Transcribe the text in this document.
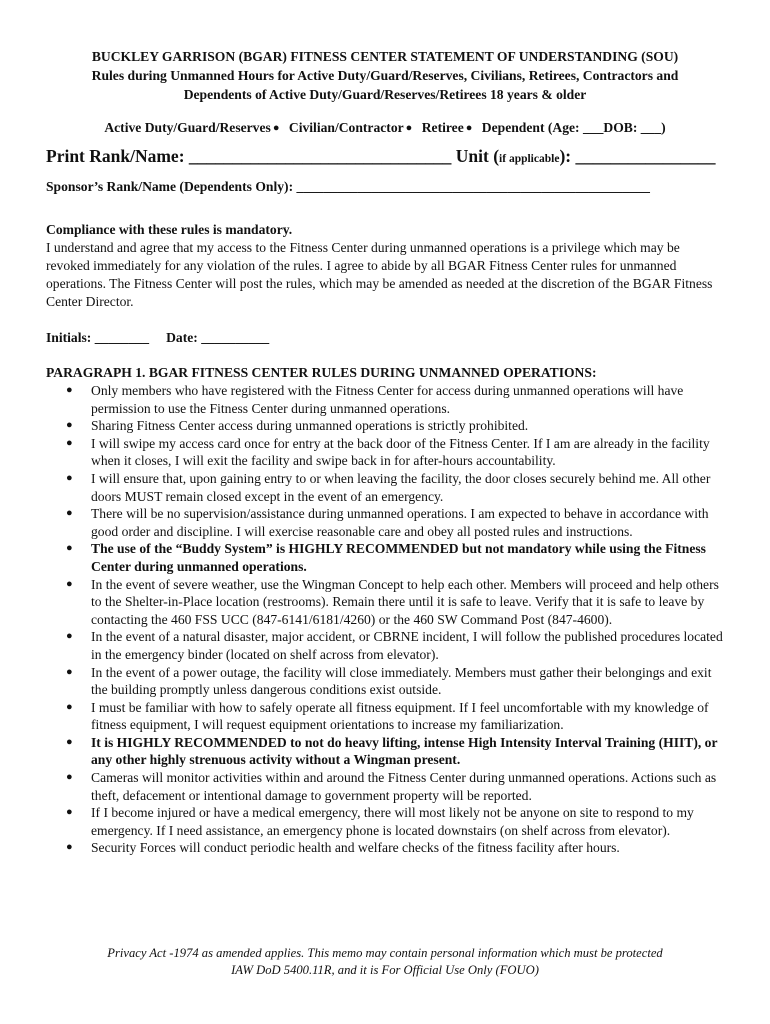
BUCKLEY GARRISON (BGAR) FITNESS CENTER STATEMENT OF UNDERSTANDING (SOU)
Rules during Unmanned Hours for Active Duty/Guard/Reserves, Civilians, Retirees, Contractors and
Dependents of Active Duty/Guard/Reserves/Retirees 18 years & older
Active Duty/Guard/Reserves ● Civilian/Contractor ● Retiree ● Dependent (Age: ___DOB: ___)
Print Rank/Name: ______________________________ Unit (if applicable): ________________
Sponsor’s Rank/Name (Dependents Only): ____________________________________________________
Compliance with these rules is mandatory.
I understand and agree that my access to the Fitness Center during unmanned operations is a privilege which may be revoked immediately for any violation of the rules. I agree to abide by all BGAR Fitness Center rules for unmanned operations. The Fitness Center will post the rules, which may be amended as needed at the discretion of the BGAR Fitness Center Director.
Initials: ________ Date: __________
PARAGRAPH 1. BGAR FITNESS CENTER RULES DURING UNMANNED OPERATIONS:
● Only members who have registered with the Fitness Center for access during unmanned operations will have permission to use the Fitness Center during unmanned operations.
● Sharing Fitness Center access during unmanned operations is strictly prohibited.
● I will swipe my access card once for entry at the back door of the Fitness Center. If I am are already in the facility when it closes, I will exit the facility and swipe back in for after-hours accountability.
● I will ensure that, upon gaining entry to or when leaving the facility, the door closes securely behind me. All other doors MUST remain closed except in the event of an emergency.
● There will be no supervision/assistance during unmanned operations. I am expected to behave in accordance with good order and discipline. I will exercise reasonable care and obey all posted rules and instructions.
● The use of the “Buddy System” is HIGHLY RECOMMENDED but not mandatory while using the Fitness Center during unmanned operations.
● In the event of severe weather, use the Wingman Concept to help each other. Members will proceed and help others to the Shelter-in-Place location (restrooms). Remain there until it is safe to leave. Verify that it is safe to leave by contacting the 460 FSS UCC (847-6141/6181/4260) or the 460 SW Command Post (847-4600).
● In the event of a natural disaster, major accident, or CBRNE incident, I will follow the published procedures located in the emergency binder (located on shelf across from elevator).
● In the event of a power outage, the facility will close immediately. Members must gather their belongings and exit the building promptly unless dangerous conditions exist outside.
● I must be familiar with how to safely operate all fitness equipment. If I feel uncomfortable with my knowledge of fitness equipment, I will request equipment orientations to increase my familiarization.
● It is HIGHLY RECOMMENDED to not do heavy lifting, intense High Intensity Interval Training (HIIT), or any other highly strenuous activity without a Wingman present.
● Cameras will monitor activities within and around the Fitness Center during unmanned operations. Actions such as theft, defacement or intentional damage to government property will be reported.
● If I become injured or have a medical emergency, there will most likely not be anyone on site to respond to my emergency. If I need assistance, an emergency phone is located downstairs (on shelf across from elevator).
● Security Forces will conduct periodic health and welfare checks of the fitness facility after hours.
Privacy Act -1974 as amended applies. This memo may contain personal information which must be protected
IAW DoD 5400.11R, and it is For Official Use Only (FOUO)
